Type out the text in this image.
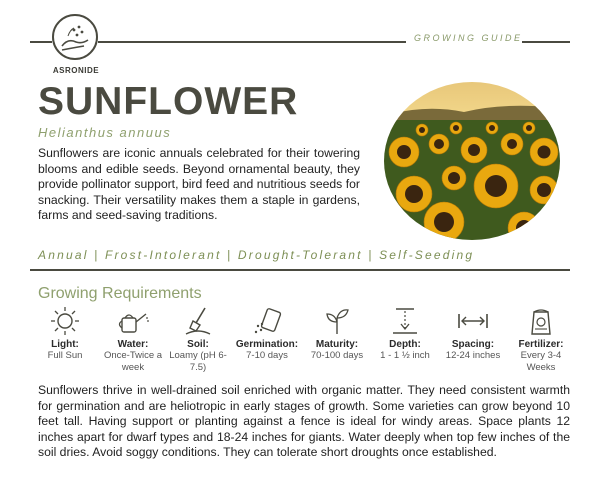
ASRONIDE
GROWING GUIDE
SUNFLOWER
Helianthus annuus
Sunflowers are iconic annuals celebrated for their towering blooms and edible seeds. Beyond ornamental beauty, they provide pollinator support, bird feed and nutritious seeds for snacking. Their versatility makes them a staple in gardens, farms and seed-saving traditions.
Annual | Frost-Intolerant | Drought-Tolerant | Self-Seeding
Growing Requirements
Light:
Full Sun
Water:
Once-Twice a week
Soil:
Loamy (pH 6-7.5)
Germination:
7-10 days
Maturity:
70-100 days
Depth:
1 - 1 ½ inch
Spacing:
12-24 inches
Fertilizer:
Every 3-4 Weeks
Sunflowers thrive in well-drained soil enriched with organic matter. They need consistent warmth for germination and are heliotropic in early stages of growth. Some varieties can grow beyond 10 feet tall. Having support or planting against a fence is ideal for windy areas. Space plants 12 inches apart for dwarf types and 18-24 inches for giants. Water deeply when top few inches of the soil dries. Avoid soggy conditions. They can tolerate short droughts once established.
